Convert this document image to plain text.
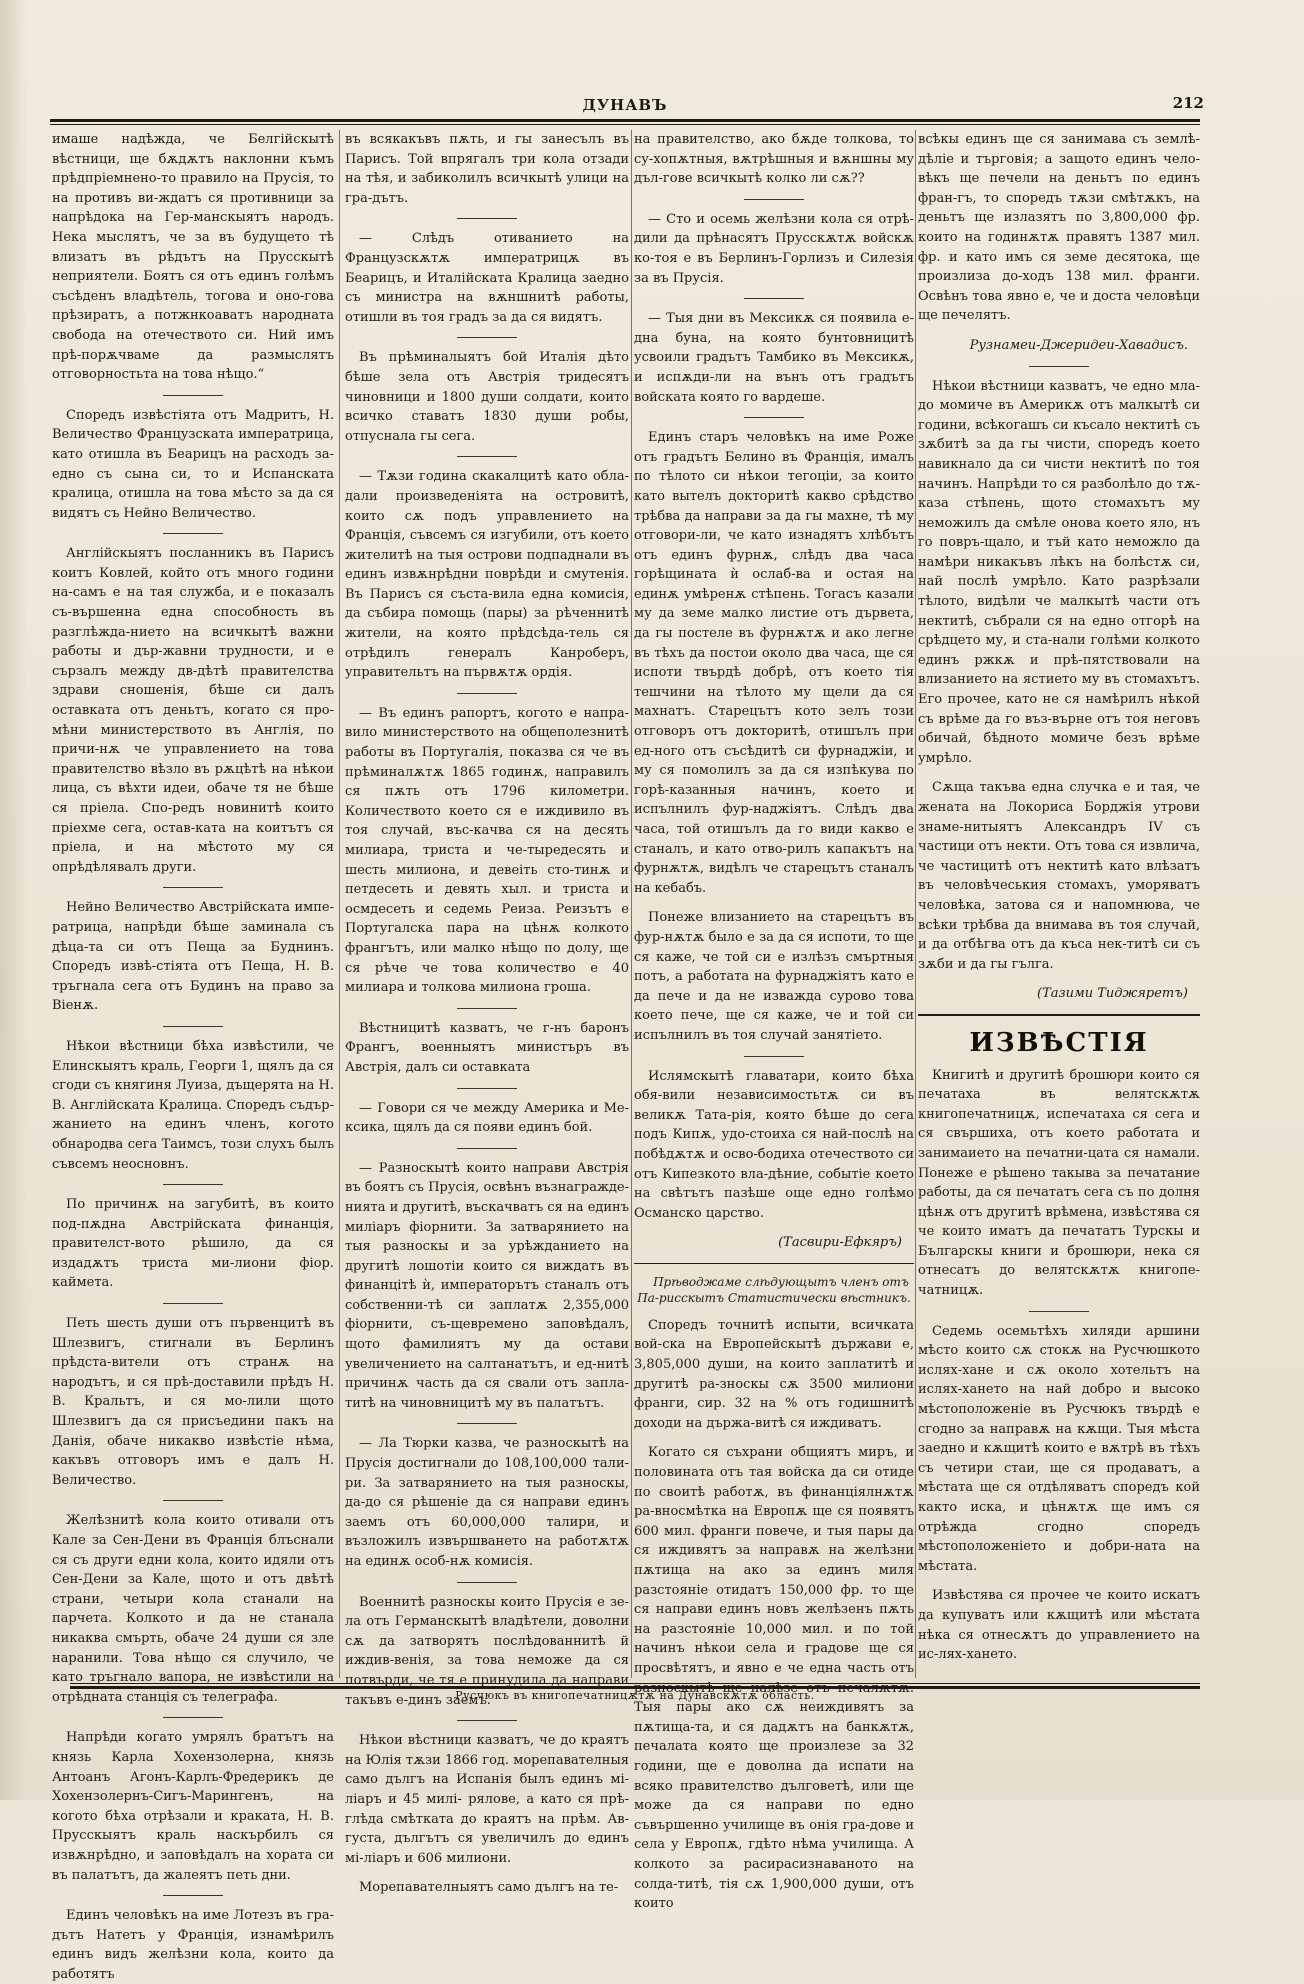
ДУНАВЪ	212

имаше надѣжда, че Белгійскытѣ вѣстници, ще бѫдѫтъ наклонни къмъ прѣдпріемнено-то правило на Прусія, то на противъ ви-ждатъ ся противници за напрѣдока на Гер-манскыятъ народъ. Нека мыслятъ, че за въ будущето тѣ влизатъ въ рѣдътъ на Прусскытѣ неприятели. Боятъ ся отъ единъ голѣмъ съсѣденъ владѣтель, тогова и оно-гова прѣзиратъ, а потжнкоаватъ народната свобода на отечеството си. Ний имъ прѣ-порѫчваме да размыслятъ отговорностьта на това нѣщо.“

Споредъ извѣстіята отъ Мадритъ, Н. Величество Французската императрица, като отишла въ Беарицъ на расходъ за-едно съ сына си, то и Испанската кралица, отишла на това мѣсто за да ся видятъ съ Нейно Величество.

Англійскыятъ посланникъ въ Парисъ коитъ Ковлей, който отъ много години на-самъ е на тая служба, и е показалъ съ-вършенна една способность въ разглѣжда-нието на всичкытѣ важни работы и дър-жавни трудности, и е сързалъ между дв-дѣтѣ правителства здрави сношенія, бѣше си далъ оставката отъ деньтъ, когато ся про-мѣни министерството въ Англія, по причи-нѫ че управлението на това правителство вѣзло въ рѫцѣтѣ на нѣкои лица, съ вѣхти идеи, обаче тя не бѣше ся пріела. Спо-редъ новинитѣ които пріехме сега, остав-ката на коитътъ ся пріела, и на мѣстото му ся опрѣдѣлявалъ други.

Нейно Величество Австрійската импе-ратрица, напрѣди бѣше заминала съ дѣца-та си отъ Пеща за Буднинъ. Споредъ извѣ-стіята отъ Пеща, Н. В. тръгнала сега отъ Будинъ на право за Віенѫ.

Нѣкои вѣстници бѣха извѣстили, че Елинскыятъ краль, Георги 1, щялъ да ся сгоди съ княгиня Луиза, дъщерята на Н. В. Англійската Кралица. Споредъ съдър-жанието на единъ членъ, когото обнародва сега Таимсъ, този слухъ былъ съвсемъ неосновнъ.

По причинѫ на загубитѣ, въ които под-пѫдна Австрійската финанція, правителст-вото рѣшило, да ся издадѫтъ триста ми-лиони фіор. каймета.

Петь шесть души отъ първенцитѣ въ Шлезвигъ, стигнали въ Берлинъ прѣдста-вители отъ странѫ на народътъ, и ся прѣ-доставили прѣдъ Н. В. Кральтъ, и ся мо-лили щото Шлезвигъ да ся присъедини пакъ на Данія, обаче никакво извѣстіе нѣма, какъвъ отговоръ имъ е далъ Н. Величество.

Желѣзнитѣ кола които отивали отъ Кале за Сен-Дени въ Франція блъснали ся съ други едни кола, които идяли отъ Сен-Дени за Кале, щото и отъ двѣтѣ страни, четыри кола станали на парчета. Колкото и да не станала никаква смърть, обаче 24 души ся зле наранили. Това нѣщо ся случило, че като тръгнало вапора, не извѣстили на отрѣдната станція съ телеграфа.

Напрѣди когато умрялъ братътъ на князь Карла Хохензолерна, князь Антоанъ Агонъ-Карлъ-Фредерикъ де Хохензолернъ-Сигъ-Марингенъ, на когото бѣха отрѣзали и краката, Н. В. Прусскыятъ краль наскърбилъ ся извѫнрѣдно, и заповѣдалъ на хората си въ палатътъ, да жалеятъ петь дни.

Единъ человѣкъ на име Лотезъ въ гра-дътъ Натетъ у Франція, изнамѣрилъ единъ видъ желѣзни кола, които да работятъ

въ всякакъвъ пѫть, и гы занесълъ въ Парисъ. Той впрягалъ три кола отзади на тѣя, и забиколилъ всичкытѣ улици на гра-дътъ.

— Слѣдъ отиванието на Французскѫтѫ императрицѫ въ Беарицъ, и Италійската Кралица заедно съ министра на вѫншнитѣ работы, отишли въ тоя градъ за да ся видятъ.

Въ прѣминалыятъ бой Италія дѣто бѣше зела отъ Австрія тридесятъ чиновници и 1800 души солдати, които всичко ставатъ 1830 души робы, отпуснала гы сега.

— Тѫзи година скакалцитѣ като обла-дали произведеніята на островитѣ, които сѫ подъ управлението на Франція, съвсемъ ся изгубили, отъ което жителитѣ на тыя острови подпаднали въ единъ извѫнрѣдни поврѣди и смутенія. Въ Парисъ ся съста-вила една комисія, да събира помощь (пары) за рѣченнитѣ жители, на която прѣдсѣда-тель ся отрѣдилъ генералъ Канроберъ, управительтъ на първѫтѫ ордія.

— Въ единъ рапортъ, когото е напра-вило министерството на общеполезнитѣ работы въ Португалія, показва ся че въ прѣминалѫтѫ 1865 годинѫ, направилъ ся пѫть отъ 1796 километри. Количеството което ся е иждивило въ тоя случай, въс-качва ся на десять милиара, триста и че-тыредесять и шесть милиона, и девеіть сто-тинѫ и петдесеть и девять хыл. и триста и осмдесеть и седемь Реиза. Реизътъ е Португалска пара на цѣнѫ колкото франгътъ, или малко нѣщо по долу, ще ся рѣче че това количество е 40 милиара и толкова милиона гроша.

Вѣстницитѣ казватъ, че г-нъ баронъ Франгъ, военныятъ министъръ въ Австрія, далъ си оставката

— Говори ся че между Америка и Ме-ксика, щялъ да ся появи единъ бой.

— Разноскытѣ които направи Австрія въ боятъ съ Прусія, освѣнъ възнагражде-нията и другитѣ, въскачватъ ся на единъ миліаръ фіорнити. За затварянието на тыя разноскы и за урѣжданието на другитѣ лошотіи които ся виждатъ въ финанцітѣ ѝ, императорътъ станалъ отъ собственни-тѣ си заплатѫ 2,355,000 фіорнити, съ-щевремено заповѣдалъ, щото фамилиятъ му да остави увеличението на салтанатътъ, и ед-нитѣ причинѫ часть да ся свали отъ запла-титѣ на чиновницитѣ му въ палатътъ.

— Ла Тюрки казва, че разноскытѣ на Прусія достигнали до 108,100,000 тали-ри. За затварянието на тыя разноскы, да-до ся рѣшеніе да ся направи единъ заемъ отъ 60,000,000 талири, и възложилъ извършването на работѫтѫ на единѫ особ-нѫ комисія.

Военнитѣ разноскы които Прусія е зе-ла отъ Германскытѣ владѣтели, доволни сѫ да затворятъ послѣдованнитѣ й иждив-венія, за това неможе да ся потвърди, че тя е принудила да направи такъвъ е-динъ заемъ.

Нѣкои вѣстници казватъ, че до краятъ на Юлія тѫзи 1866 год. морепавателныя само дългъ на Испанія былъ единъ мі-ліаръ и 45 милі- рялове, а като ся прѣ-глѣда смѣтката до краятъ на прѣм. Ав-густа, дългътъ ся увеличилъ до единъ мі-ліаръ и 606 милиони.

Морепавателныятъ само дългъ на те-

на правителство, ако бѫде толкова, то су-хопѫтныя, вѫтрѣшныя и вѫншны му дъл-гове всичкытѣ колко ли сѫ??

— Сто и осемь желѣзни кола ся отрѣ-дили да прѣнасятъ Прусскѫтѫ войскѫ ко-тоя е въ Берлинъ-Горлизъ и Силезія за въ Прусія.

— Тыя дни въ Мексикѫ ся появила е-дна буна, на която бунтовницитѣ усвоили градътъ Тамбико въ Мексикѫ, и испѫди-ли на вънъ отъ градътъ войската която го вардеше.

Единъ старъ человѣкъ на име Роже отъ градътъ Белино въ Франція, ималъ по тѣлото си нѣкои тегоціи, за които като вытелъ докторитѣ какво срѣдство трѣбва да направи за да гы махне, тѣ му отговори-ли, че като изнадятъ хлѣбътъ отъ единъ фурнѫ, слѣдъ два часа горѣщината ѝ ослаб-ва и остая на единѫ умѣренѫ стѣпень. Тогасъ казали му да земе малко листие отъ дървета, да гы постеле въ фурнѫтѫ и ако легне въ тѣхъ да постои около два часа, ще ся испоти твърдѣ добрѣ, отъ което тія тешчини на тѣлото му щели да ся махнатъ. Старецътъ кото зелъ този отговоръ отъ докторитѣ, отишълъ при ед-ного отъ съсѣдитѣ си фурнаджіи, и му ся помолилъ за да ся изпѣкува по горѣ-казанныя начинъ, което и испълнилъ фур-наджіятъ. Слѣдъ два часа, той отишълъ да го види какво е станалъ, и като отво-рилъ капакътъ на фурнѫтѫ, видѣлъ че старецътъ станалъ на кебабъ.

Понеже влизанието на старецътъ въ фур-нѫтѫ было е за да ся испоти, то ще ся каже, че той си е излѣзъ смъртныя потъ, а работата на фурнаджіятъ като е да пече и да не изважда сурово това което пече, ще ся каже, че и той си испълнилъ въ тоя случай занятіето.

Ислямскытѣ главатари, които бѣха обя-вили независимостьтѫ си въ великѫ Тата-рія, която бѣше до сега подъ Кипѫ, удо-стоиха ся най-послѣ на побѣдѫтѫ и осво-бодиха отечеството си отъ Кипезкото вла-дѣние, событіе което на свѣтътъ пазѣше още едно голѣмо Османско царство.

(Тасвири-Ефкяръ)

Прѣводжаме слѣдующытъ членъ отъ Па-рисскытъ Статистически вѣстникъ.

Споредъ точнитѣ испыти, всичката вой-ска на Европейскытѣ държави е, 3,805,000 души, на които заплатитѣ и другитѣ ра-зноскы сѫ 3500 милиони франги, сир. 32 на % отъ годишнитѣ доходи на държа-витѣ ся иждиватъ.

Когато ся съхрани общиятъ миръ, и половината отъ тая войска да си отиде по своитѣ работѫ, въ финанціялнѫтѫ ра-вносмѣтка на Европѫ ще ся появятъ 600 мил. франги повече, и тыя пары да ся иждивятъ за направѫ на желѣзни пѫтища на ако за единъ миля разстояніе отидатъ 150,000 фр. то ще ся направи единъ новъ желѣзенъ пѫть на разстояніе 10,000 мил. и по той начинъ нѣкои села и градове ще ся просвѣтятъ, и явно е че една часть отъ разноскытѣ ще налѣзе отъ печалѫтѫ. Тыя пары ако сѫ неиждивятъ за пѫтища-та, и ся дадѫтъ на банкѫтѫ, печалата която ще произлезе за 32 години, ще е доволна да испати на всяко правителство дълговетѣ, или ще може да ся направи по едно съвършенно училище въ онія гра-дове и села у Европѫ, гдѣто нѣма училища. А колкото за расирасизнаваното на солда-титѣ, тія сѫ 1,900,000 души, отъ които

всѣкы единъ ще ся занимава съ землѣ-дѣліе и търговія; а защото единъ чело-вѣкъ ще печели на деньтъ по единъ фран-гъ, то споредъ тѫзи смѣтѫкъ, на деньтъ ще излазятъ по 3,800,000 фр. които на годинѫтѫ правятъ 1387 мил. фр. и като имъ ся земе десятока, ще произлиза до-ходъ 138 мил. франги. Освѣнъ това явно е, че и доста человѣци ще печелятъ.

Рузнамеи-Джеридеи-Хавадисъ.

Нѣкои вѣстници казватъ, че едно мла-до момиче въ Америкѫ отъ малкытѣ си години, всѣкогашъ си късало нектитѣ съ зѫбитѣ за да гы чисти, споредъ което навикнало да си чисти нектитѣ по тоя начинъ. Напрѣди то ся разболѣло до тѫ-каза стѣпень, щото стомахътъ му неможилъ да смѣле онова което яло, нъ го повръ-щало, и тъй като неможло да намѣри никакъвъ лѣкъ на болѣстѫ си, най послѣ умрѣло. Като разрѣзали тѣлото, видѣли че малкытѣ части отъ нектитѣ, събрали ся на едно отгорѣ на срѣдцето му, и ста-нали голѣми колкото единъ ржкѫ и прѣ-пятствовали на влизанието на ястието му въ стомахътъ. Его прочее, като не ся намѣрилъ нѣкой съ врѣме да го въз-върне отъ тоя неговъ обичай, бѣдното момиче безъ врѣме умрѣло.

Сѫща такъва една случка е и тая, че жената на Локориса Борджія утрови знаме-нитыятъ Александръ IV съ частици отъ некти. Отъ това ся извлича, че частицитѣ отъ нектитѣ като влѣзатъ въ человѣчеськия стомахъ, уморяватъ человѣка, затова ся и напомнюва, че всѣки трѣбва да внимава въ тоя случай, и да отбѣгва отъ да къса нек-титѣ си съ зѫби и да гы гълга.

(Тазими Тиджяретъ)

ИЗВѢСТІЯ

Книгитѣ и другитѣ брошюри които ся печатаха въ велятскѫтѫ книгопечатницѫ, испечатаха ся сега и ся свършиха, отъ което работата и занимаието на печатни-цата ся намали. Понеже е рѣшено такыва за печатание работы, да ся печататъ сега съ по долня цѣнѫ отъ другитѣ врѣмена, извѣстява ся че които иматъ да печататъ Турскы и Българскы книги и брошюри, нека ся отнесатъ до велятскѫтѫ книгопе-чатницѫ.

Седемь осемьтѣхъ хиляди аршини мѣсто които сѫ стокѫ на Русчюшкото ислях-хане и сѫ около хотельтъ на ислях-хането на най добро и высоко мѣстоположеніе въ Русчюкъ твърдѣ е сгодно за направѫ на кѫщи. Тыя мѣста заедно и кѫщитѣ които е вѫтрѣ въ тѣхъ съ четири стаи, ще ся продаватъ, а мѣстата ще ся отдѣляватъ споредъ кой както иска, и цѣнѫтѫ ще имъ ся отрѣжда сгодно споредъ мѣстоположеніето и добри-ната на мѣстата.

Извѣстява ся прочее че които искатъ да купуватъ или кѫщитѣ или мѣстата нѣка ся отнесѫтъ до управлението на ис-лях-хането.

Русчюкъ въ книгопечатницѫтѫ на Дунавскѫтѫ область.
